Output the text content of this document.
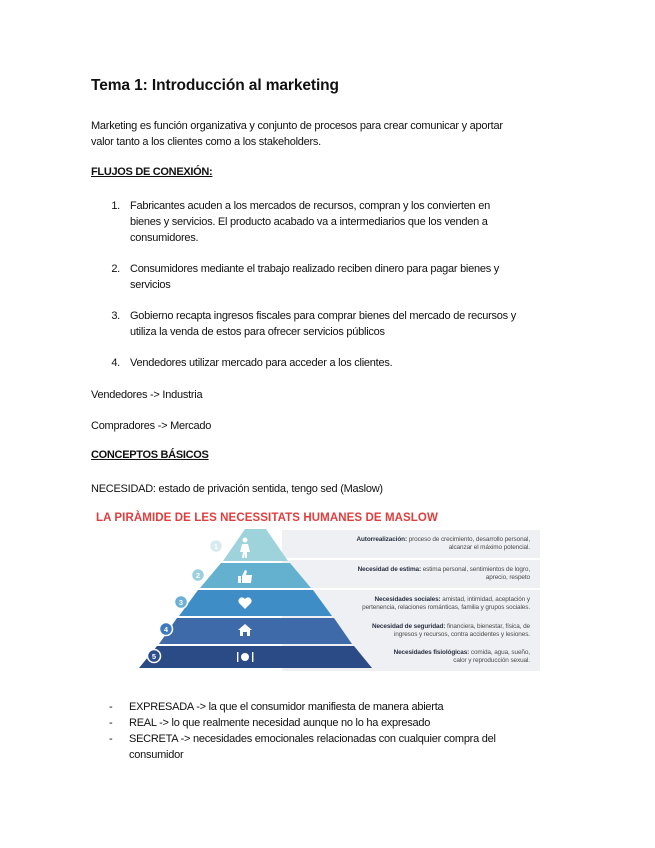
Tema 1: Introducción al marketing
Marketing es función organizativa y conjunto de procesos para crear comunicar y aportar
valor tanto a los clientes como a los stakeholders.
FLUJOS DE CONEXIÓN:
1. Fabricantes acuden a los mercados de recursos, compran y los convierten en
bienes y servicios. El producto acabado va a intermediarios que los venden a
consumidores.
2. Consumidores mediante el trabajo realizado reciben dinero para pagar bienes y
servicios
3. Gobierno recapta ingresos fiscales para comprar bienes del mercado de recursos y
utiliza la venda de estos para ofrecer servicios públicos
4. Vendedores utilizar mercado para acceder a los clientes.
Vendedores -> Industria
Compradores -> Mercado
CONCEPTOS BÁSICOS
NECESIDAD: estado de privación sentida, tengo sed (Maslow)
LA PIRÀMIDE DE LES NECESSITATS HUMANES DE MASLOW
Autorrealización: proceso de crecimiento, desarrollo personal,
alcanzar el máximo potencial.
Necesidad de estima: estima personal, sentimientos de logro,
aprecio, respeto
Necesidades sociales: amistad, intimidad, aceptación y
pertenencia, relaciones románticas, familia y grupos sociales.
Necesidad de seguridad: financiera, bienestar, física, de
ingresos y recursos, contra accidentes y lesiones.
Necesidades fisiológicas: comida, agua, sueño,
calor y reproducción sexual.
1
2
3
4
5
-	EXPRESADA -> la que el consumidor manifiesta de manera abierta
-	REAL -> lo que realmente necesidad aunque no lo ha expresado
-	SECRETA -> necesidades emocionales relacionadas con cualquier compra del
consumidor
